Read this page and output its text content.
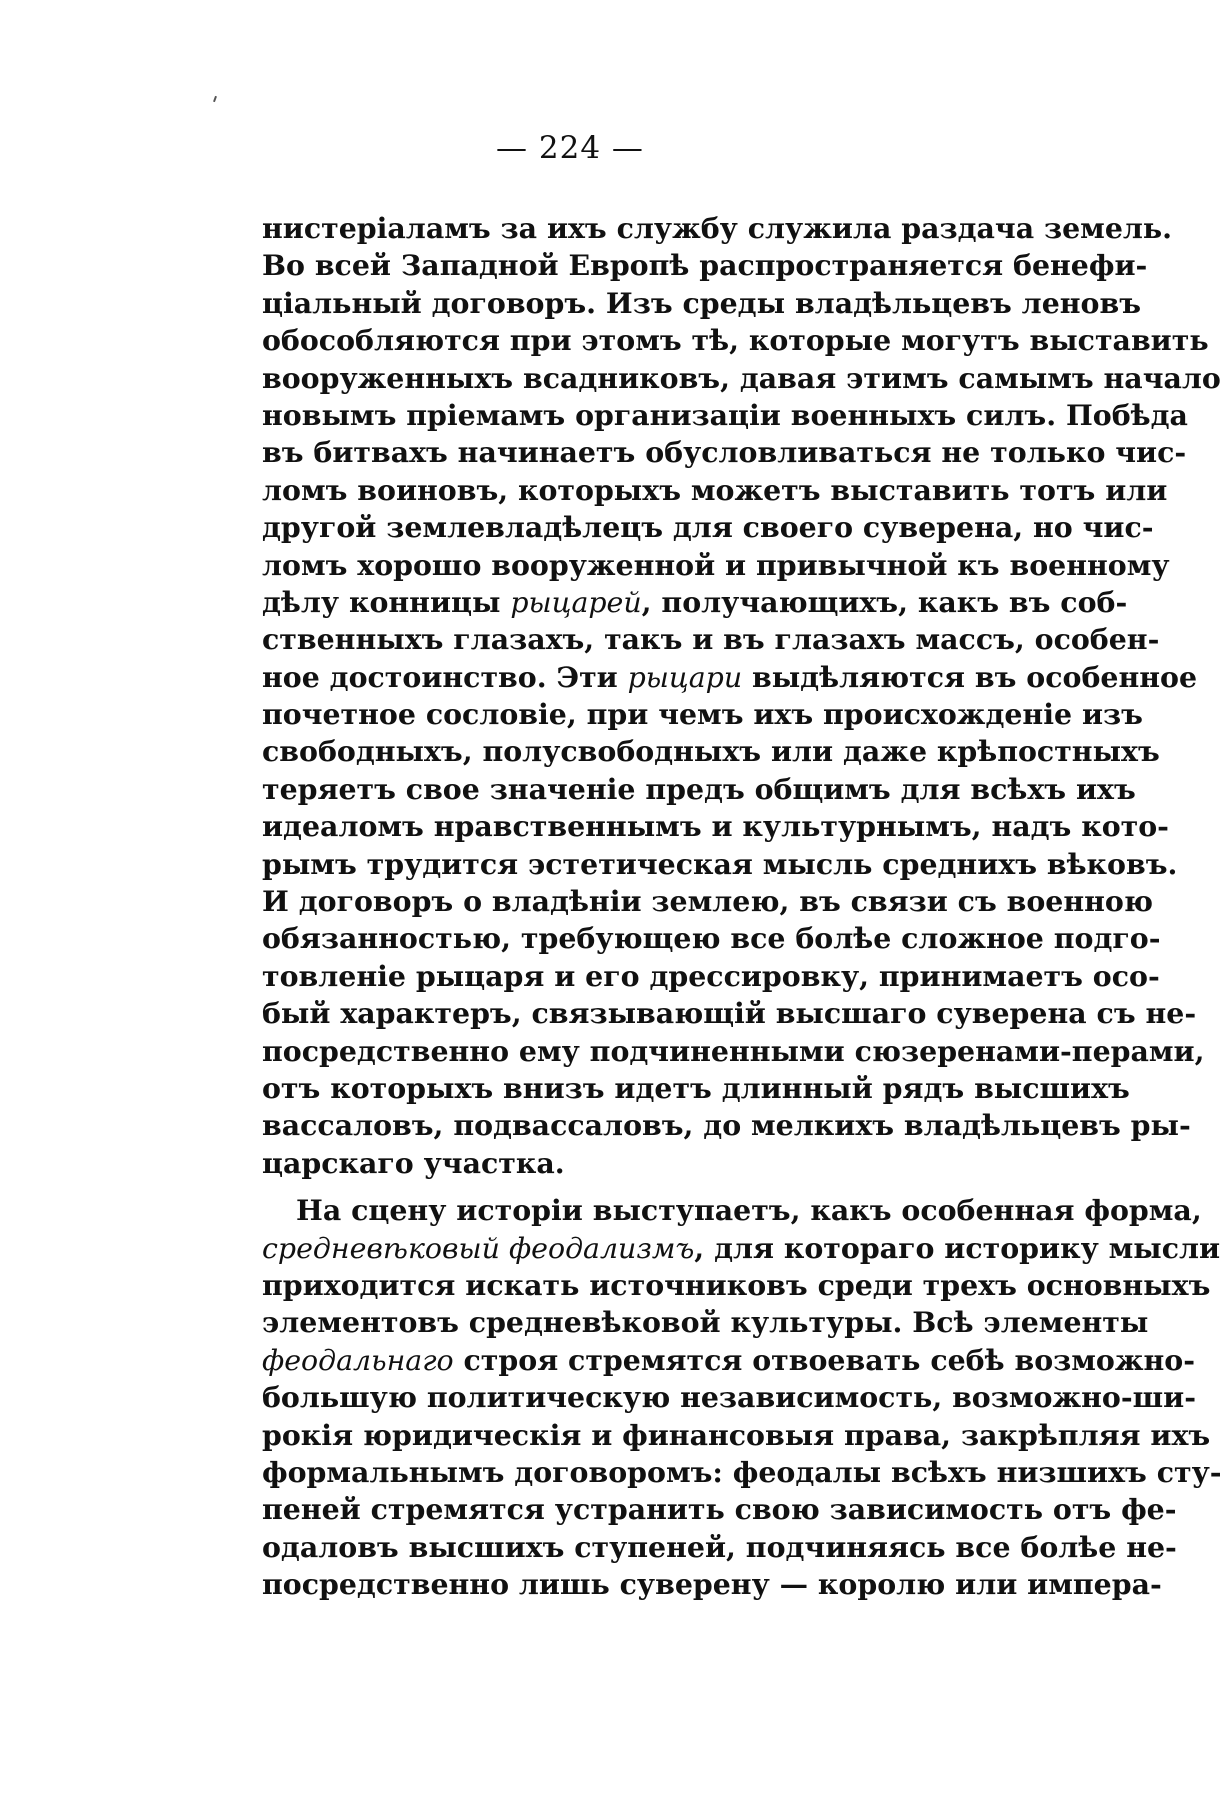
— 224 —
нистеріаламъ за ихъ службу служила раздача земель.
Во всей Западной Европѣ распространяется бенефи-
ціальный договоръ. Изъ среды владѣльцевъ леновъ
обособляются при этомъ тѣ, которые могутъ выставить
вооруженныхъ всадниковъ, давая этимъ самымъ начало
новымъ пріемамъ организаціи военныхъ силъ. Побѣда
въ битвахъ начинаетъ обусловливаться не только чис-
ломъ воиновъ, которыхъ можетъ выставить тотъ или
другой землевладѣлецъ для своего суверена, но чис-
ломъ хорошо вооруженной и привычной къ военному
дѣлу конницы рыцарей, получающихъ, какъ въ соб-
ственныхъ глазахъ, такъ и въ глазахъ массъ, особен-
ное достоинство. Эти рыцари выдѣляются въ особенное
почетное сословіе, при чемъ ихъ происхожденіе изъ
свободныхъ, полусвободныхъ или даже крѣпостныхъ
теряетъ свое значеніе предъ общимъ для всѣхъ ихъ
идеаломъ нравственнымъ и культурнымъ, надъ кото-
рымъ трудится эстетическая мысль среднихъ вѣковъ.
И договоръ о владѣніи землею, въ связи съ военною
обязанностью, требующею все болѣе сложное подго-
товленіе рыцаря и его дрессировку, принимаетъ осо-
бый характеръ, связывающій высшаго суверена съ не-
посредственно ему подчиненными сюзеренами-перами,
отъ которыхъ внизъ идетъ длинный рядъ высшихъ
вассаловъ, подвассаловъ, до мелкихъ владѣльцевъ ры-
царскаго участка.
На сцену исторіи выступаетъ, какъ особенная форма,
средневѣковый феодализмъ, для котораго историку мысли
приходится искать источниковъ среди трехъ основныхъ
элементовъ средневѣковой культуры. Всѣ элементы
феодальнаго строя стремятся отвоевать себѣ возможно-
большую политическую независимость, возможно-ши-
рокія юридическія и финансовыя права, закрѣпляя ихъ
формальнымъ договоромъ: феодалы всѣхъ низшихъ сту-
пеней стремятся устранить свою зависимость отъ фе-
одаловъ высшихъ ступеней, подчиняясь все болѣе не-
посредственно лишь суверену — королю или импера-
